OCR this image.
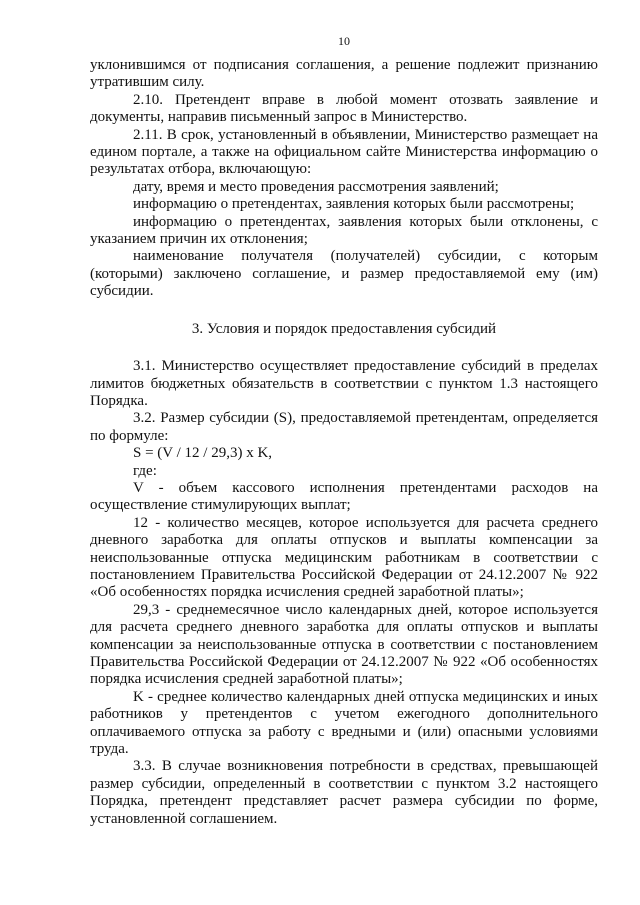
10

уклонившимся от подписания соглашения, а решение подлежит признанию утратившим силу.

2.10. Претендент вправе в любой момент отозвать заявление и документы, направив письменный запрос в Министерство.

2.11. В срок, установленный в объявлении, Министерство размещает на едином портале, а также на официальном сайте Министерства информацию о результатах отбора, включающую:

дату, время и место проведения рассмотрения заявлений;

информацию о претендентах, заявления которых были рассмотрены;

информацию о претендентах, заявления которых были отклонены, с указанием причин их отклонения;

наименование получателя (получателей) субсидии, с которым (которыми) заключено соглашение, и размер предоставляемой ему (им) субсидии.

3. Условия и порядок предоставления субсидий

3.1. Министерство осуществляет предоставление субсидий в пределах лимитов бюджетных обязательств в соответствии с пунктом 1.3 настоящего Порядка.

3.2. Размер субсидии (S), предоставляемой претендентам, определяется по формуле:

S = (V / 12 / 29,3) x K,

где:

V - объем кассового исполнения претендентами расходов на осуществление стимулирующих выплат;

12 - количество месяцев, которое используется для расчета среднего дневного заработка для оплаты отпусков и выплаты компенсации за неиспользованные отпуска медицинским работникам в соответствии с постановлением Правительства Российской Федерации от 24.12.2007 № 922 «Об особенностях порядка исчисления средней заработной платы»;

29,3 - среднемесячное число календарных дней, которое используется для расчета среднего дневного заработка для оплаты отпусков и выплаты компенсации за неиспользованные отпуска в соответствии с постановлением Правительства Российской Федерации от 24.12.2007 № 922 «Об особенностях порядка исчисления средней заработной платы»;

K - среднее количество календарных дней отпуска медицинских и иных работников у претендентов с учетом ежегодного дополнительного оплачиваемого отпуска за работу с вредными и (или) опасными условиями труда.

3.3. В случае возникновения потребности в средствах, превышающей размер субсидии, определенный в соответствии с пунктом 3.2 настоящего Порядка, претендент представляет расчет размера субсидии по форме, установленной соглашением.
